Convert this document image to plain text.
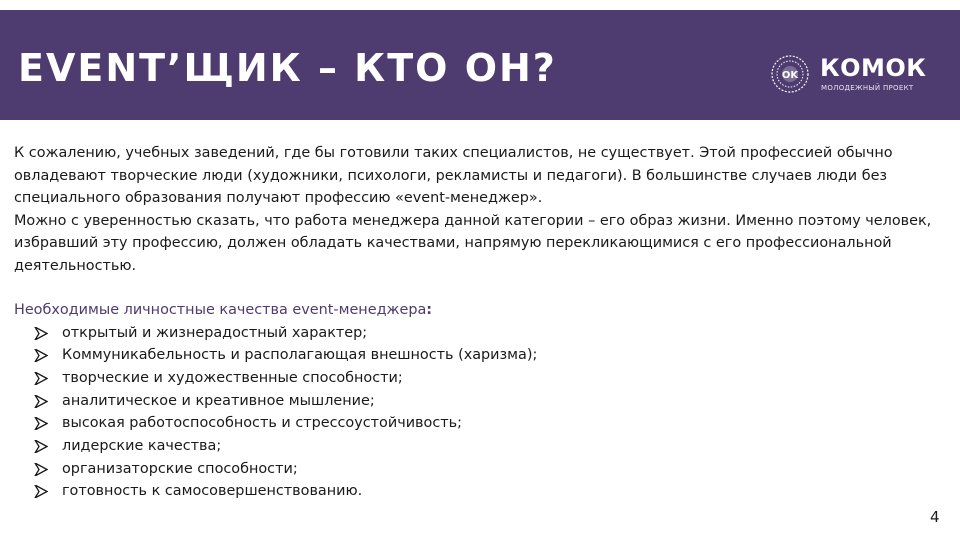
EVENT’ЩИК – КТО ОН?	OK КОМОК
МОЛОДЕЖНЫЙ ПРОЕКТ

К сожалению, учебных заведений, где бы готовили таких специалистов, не существует. Этой профессией обычно овладевают творческие люди (художники, психологи, рекламисты и педагоги). В большинстве случаев люди без специального образования получают профессию «event-менеджер».

Можно с уверенностью сказать, что работа менеджера данной категории – его образ жизни. Именно поэтому человек, избравший эту профессию, должен обладать качествами, напрямую перекликающимися с его профессиональной деятельностью.

Необходимые личностные качества event-менеджера:

открытый и жизнерадостный характер;
Коммуникабельность и располагающая внешность (харизма);
творческие и художественные способности;
аналитическое и креативное мышление;
высокая работоспособность и стрессоустойчивость;
лидерские качества;
организаторские способности;
готовность к самосовершенствованию.
4
